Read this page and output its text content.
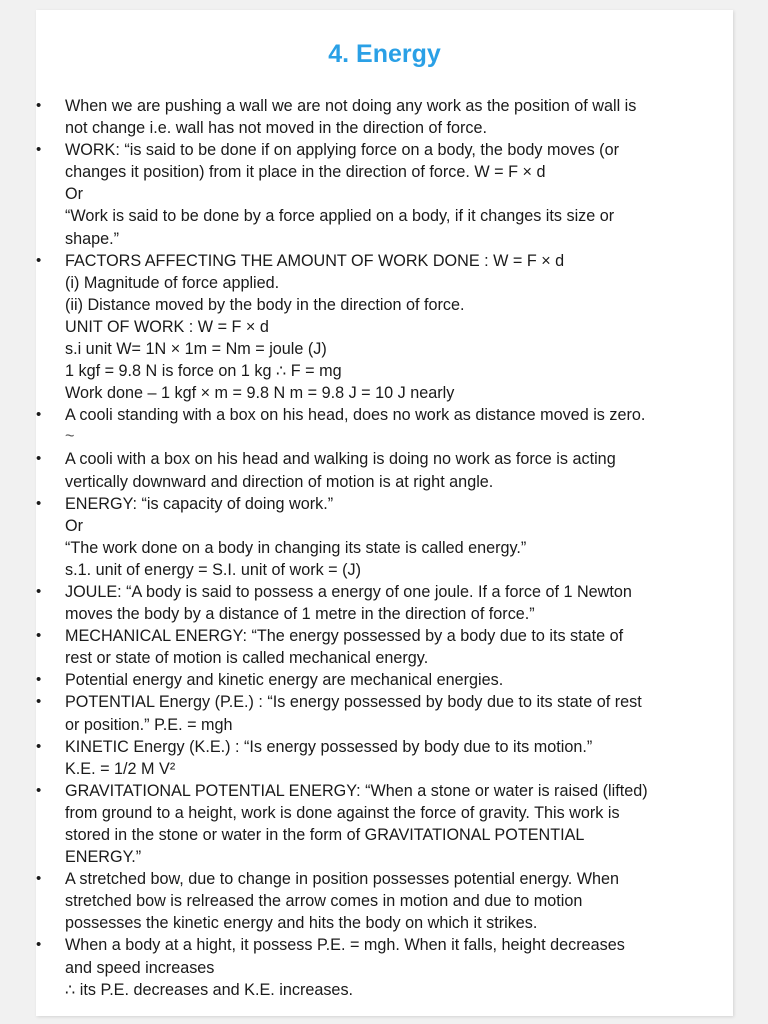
4. Energy
• When we are pushing a wall we are not doing any work as the position of wall is
not change i.e. wall has not moved in the direction of force.
• WORK: “is said to be done if on applying force on a body, the body moves (or
changes it position) from it place in the direction of force. W = F × d
Or
“Work is said to be done by a force applied on a body, if it changes its size or
shape.”
• FACTORS AFFECTING THE AMOUNT OF WORK DONE : W = F × d
(i) Magnitude of force applied.
(ii) Distance moved by the body in the direction of force.
UNIT OF WORK : W = F × d
s.i unit W= 1N × 1m = Nm = joule (J)
1 kgf = 9.8 N is force on 1 kg ∴ F = mg
Work done – 1 kgf × m = 9.8 N m = 9.8 J = 10 J nearly
• A cooli standing with a box on his head, does no work as distance moved is zero.
~
• A cooli with a box on his head and walking is doing no work as force is acting
vertically downward and direction of motion is at right angle.
• ENERGY: “is capacity of doing work.”
Or
“The work done on a body in changing its state is called energy.”
s.1. unit of energy = S.I. unit of work = (J)
• JOULE: “A body is said to possess a energy of one joule. If a force of 1 Newton
moves the body by a distance of 1 metre in the direction of force.”
• MECHANICAL ENERGY: “The energy possessed by a body due to its state of
rest or state of motion is called mechanical energy.
• Potential energy and kinetic energy are mechanical energies.
• POTENTIAL Energy (P.E.) : “Is energy possessed by body due to its state of rest
or position.” P.E. = mgh
• KINETIC Energy (K.E.) : “Is energy possessed by body due to its motion.”
K.E. = 1/2 M V²
• GRAVITATIONAL POTENTIAL ENERGY: “When a stone or water is raised (lifted)
from ground to a height, work is done against the force of gravity. This work is
stored in the stone or water in the form of GRAVITATIONAL POTENTIAL
ENERGY.”
• A stretched bow, due to change in position possesses potential energy. When
stretched bow is relreased the arrow comes in motion and due to motion
possesses the kinetic energy and hits the body on which it strikes.
• When a body at a hight, it possess P.E. = mgh. When it falls, height decreases
and speed increases
∴ its P.E. decreases and K.E. increases.
